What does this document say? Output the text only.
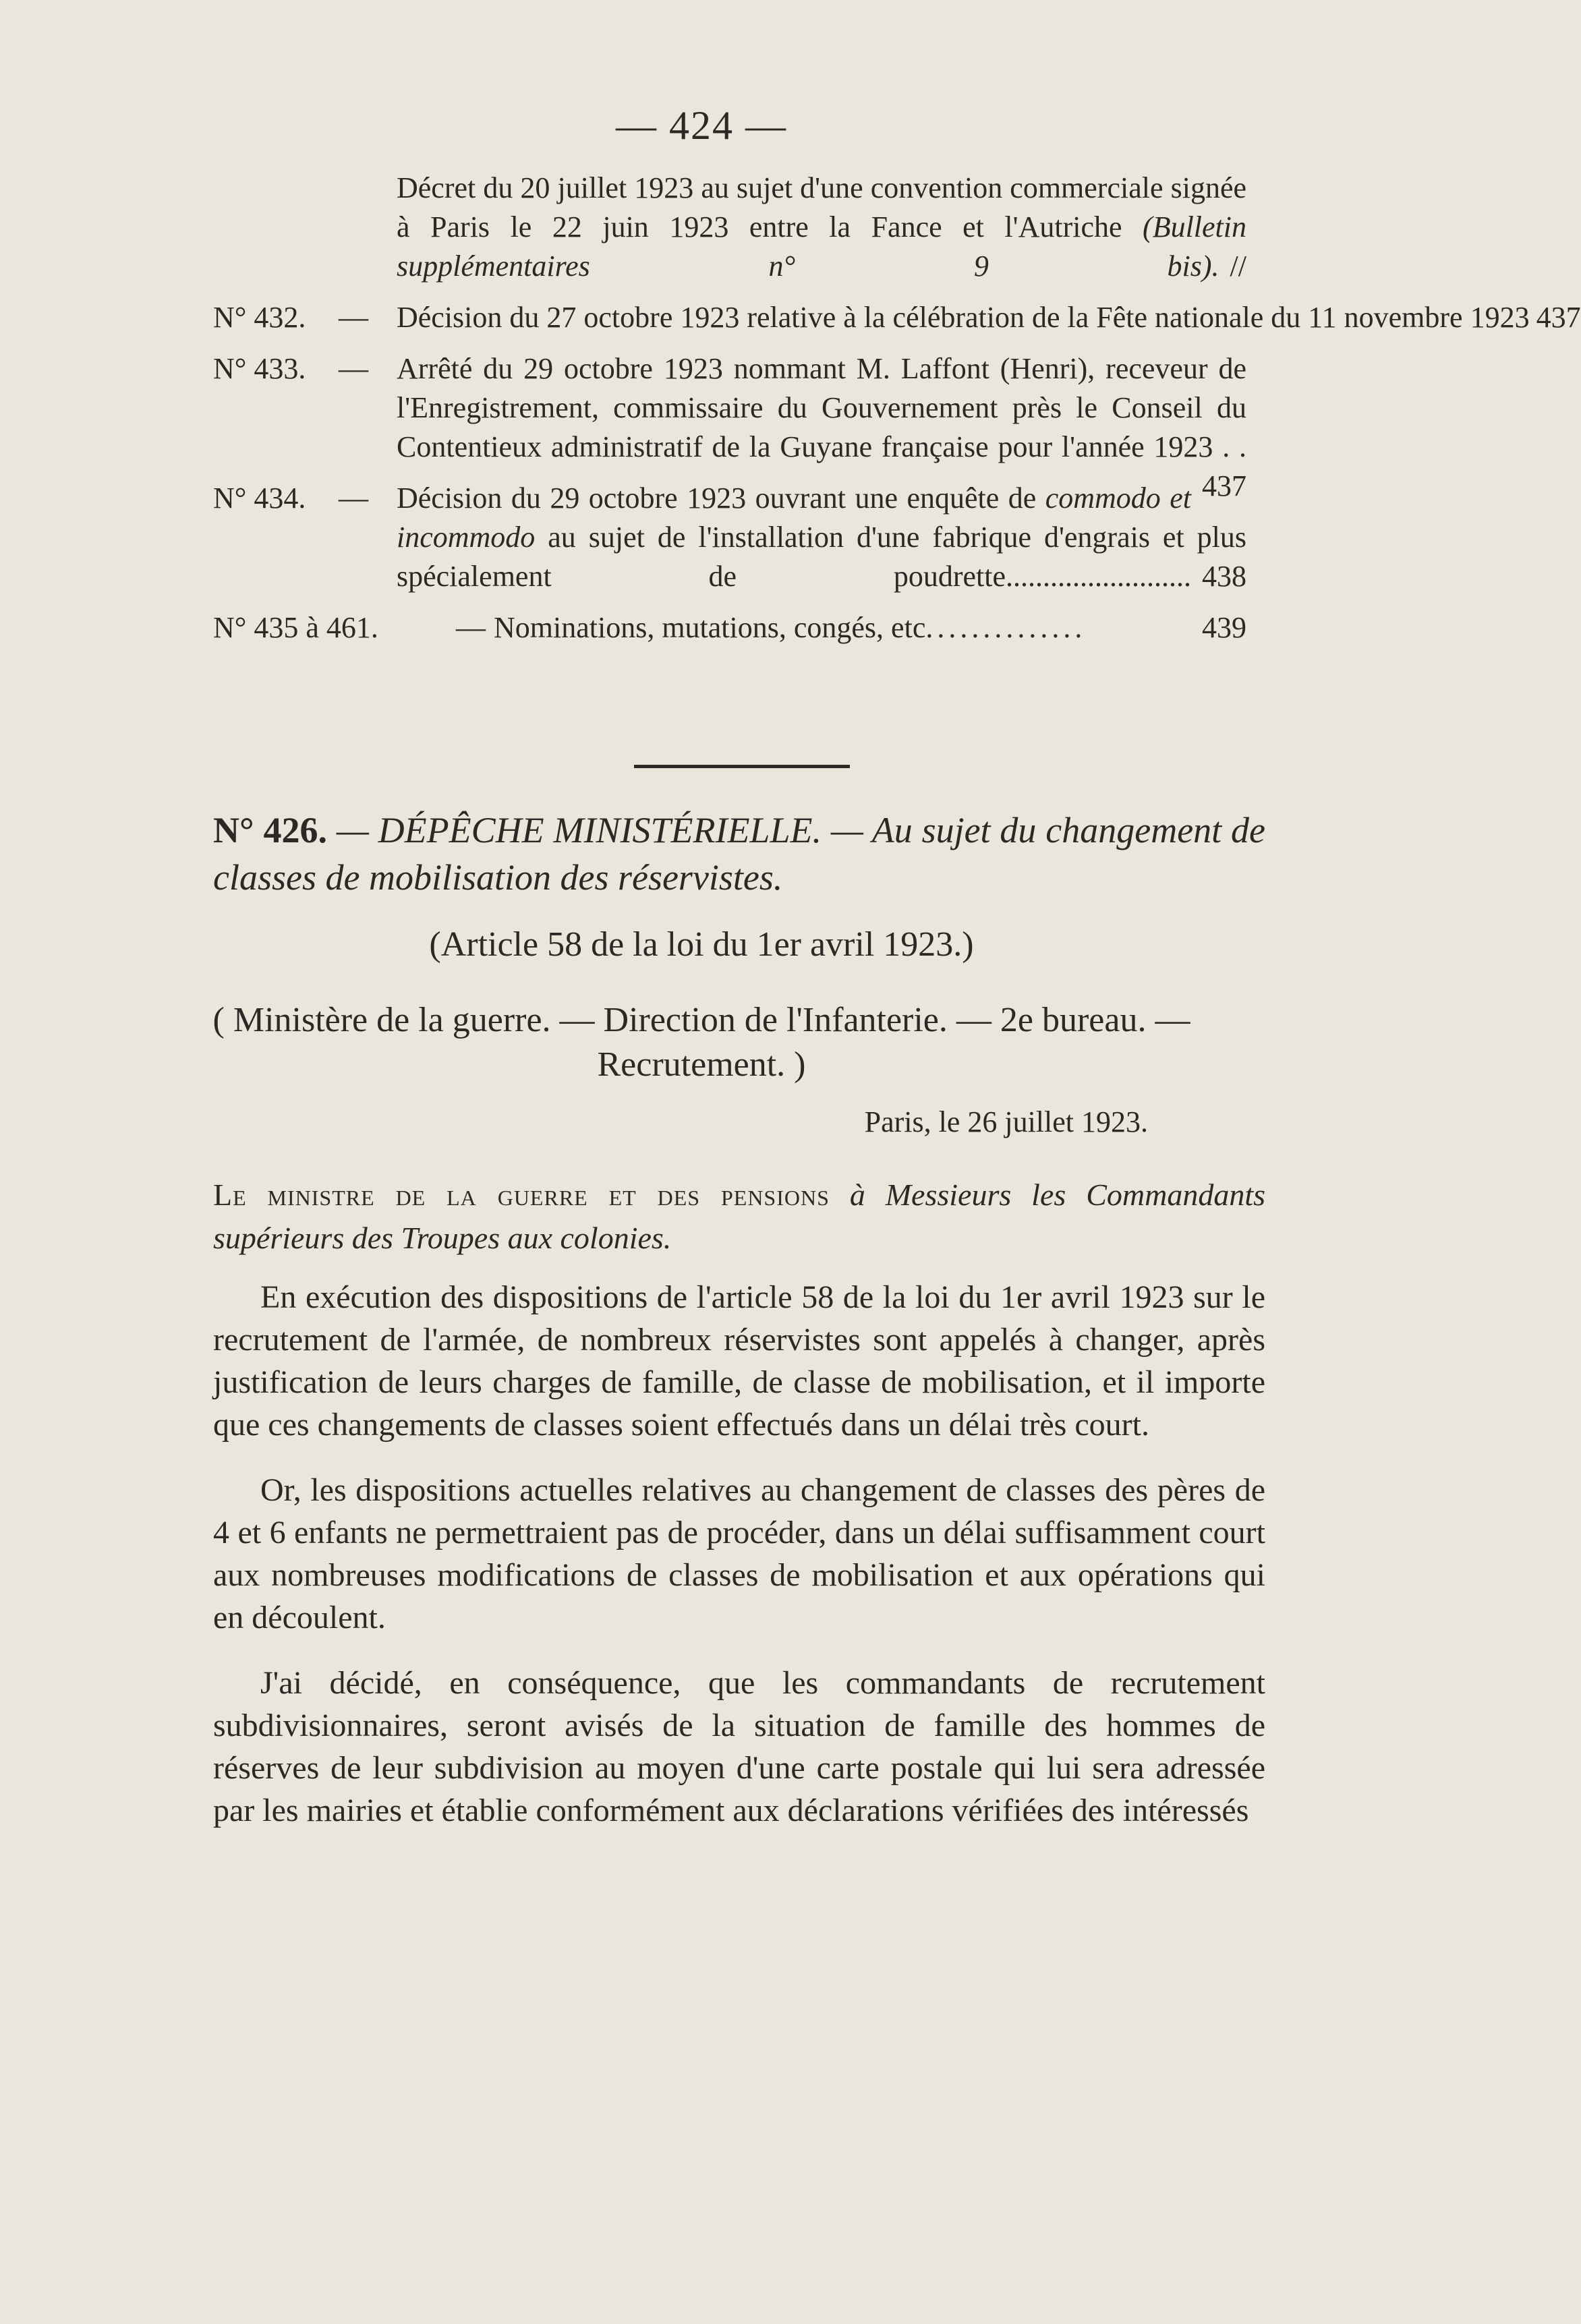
— 424 —
Décret du 20 juillet 1923 au sujet d'une convention commerciale signée à Paris le 22 juin 1923 entre la Fance et l'Autriche (Bulletin supplémentaires n° 9 bis). //
N° 432. — Décision du 27 octobre 1923 relative à la célébration de la Fête nationale du 11 novembre 1923 437
N° 433. — Arrêté du 29 octobre 1923 nommant M. Laffont (Henri), receveur de l'Enregistrement, commissaire du Gouvernement près le Conseil du Contentieux administratif de la Guyane française pour l'année 1923 . .
437
N° 434. — Décision du 29 octobre 1923 ouvrant une enquête de commodo et incommodo au sujet de l'installation d'une fabrique d'engrais et plus spécialement de poudrette......................... 438
N° 435 à 461.	— Nominations, mutations, congés, etc ..............	439
N° 426. — DÉPÊCHE MINISTÉRIELLE. — Au sujet du changement de classes de mobilisation des réservistes.
(Article 58 de la loi du 1er avril 1923.)
( Ministère de la guerre. — Direction de l'Infanterie. — 2e bureau. — Recrutement. )
Paris, le 26 juillet 1923.
Le ministre de la guerre et des pensions à Messieurs les Commandants supérieurs des Troupes aux colonies.

En exécution des dispositions de l'article 58 de la loi du 1er avril 1923 sur le recrutement de l'armée, de nombreux réservistes sont appelés à changer, après justification de leurs charges de famille, de classe de mobilisation, et il importe que ces changements de classes soient effectués dans un délai très court.

Or, les dispositions actuelles relatives au changement de classes des pères de 4 et 6 enfants ne permettraient pas de procéder, dans un délai suffisamment court aux nombreuses modifications de classes de mobilisation et aux opérations qui en découlent.

J'ai décidé, en conséquence, que les commandants de recrutement subdivisionnaires, seront avisés de la situation de famille des hommes de réserves de leur subdivision au moyen d'une carte postale qui lui sera adressée par les mairies et établie conformément aux déclarations vérifiées des intéressés
